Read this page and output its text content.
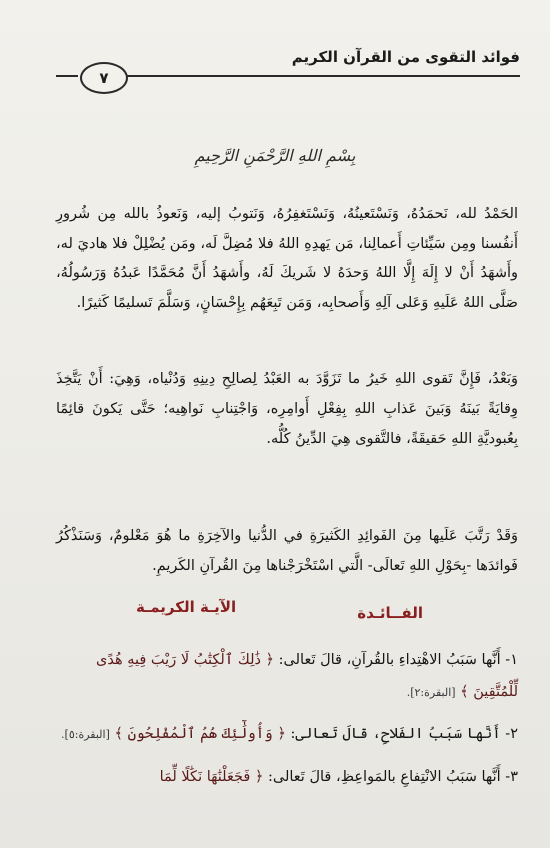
فوائد التقوى من القرآن الكريم
٧
بِسْمِ اللهِ الرَّحْمَنِ الرَّحِيمِ

الحَمْدُ لله، نَحمَدُهُ، وَنَسْتَعينُهُ، وَنَسْتَغفِرُهُ، وَنَتوبُ إليه، وَنَعوذُ بالله مِن شُرورِ أَنفُسنا ومِن سَيِّئاتِ أَعمالِنا، مَن يَهدِهِ اللهُ فلا مُضِلَّ لَه، ومَن يُضْلِلْ فلا هاديَ له، وأَشهَدُ أَنْ لا إِلَهَ إِلَّا اللهُ وَحدَهُ لا شَريكَ لَهُ، وأَشهَدُ أَنَّ مُحَمَّدًا عَبدُهُ وَرَسُولُهُ، صَلَّى اللهُ عَلَيهِ وَعَلى آلِهِ وَأَصحابِه، وَمَن تَبِعَهُم بِإِحْسَانٍ، وَسَلَّمَ تَسليمًا كَثيرًا.

وَبَعْدُ، فَإِنَّ تَقوى اللهِ خَيرُ ما تَزَوَّدَ به العَبْدُ لِصالِحِ دِينِهِ وَدُنْياه، وَهِيَ: أَنْ يَتَّخِذَ وِقايَةً بَينَهُ وَبَينَ عَذابِ اللهِ بِفِعْلِ أَوامِرِه، وَاجْتِنابِ نَواهِيه؛ حَتَّى يَكونَ قائِمًا بِعُبوديَّةِ اللهِ حَقيقَةً، فالتَّقوى هِيَ الدِّينُ كُلُّه.

وَقَدْ رَتَّبَ عَلَيها مِنَ الفَوائِدِ الكَثيرَةِ في الدُّنيا والآخِرَةِ ما هُوَ مَعْلومٌ، وَسَنَذْكُرُ فَوائدَها -بِحَوْلِ اللهِ تَعالَى- الَّتي اسْتَخْرَجْناها مِنَ القُرآنِ الكَريمِ.

الفــائـدة
الآيـة الكريمـة

١- أَنَّها سَبَبُ الاهْتِداءِ بالقُرآنِ، قالَ تَعالى: ﴿ ذَٰلِكَ ٱلْكِتَٰبُ لَا رَيْبَ فِيهِ هُدًى لِّلْمُتَّقِينَ ﴾ [البقرة:٢].

٢- أَنَّها سَبَبُ الفَلاحِ، قالَ تَعالى: ﴿ وَأُولَٰٓئِكَ هُمُ ٱلْمُفْلِحُونَ ﴾ [البقرة:٥].

٣- أَنَّها سَبَبُ الانْتِفاعِ بالمَواعِظِ، قالَ تَعالى: ﴿ فَجَعَلْنَٰهَا نَكَٰلًا لِّمَا
